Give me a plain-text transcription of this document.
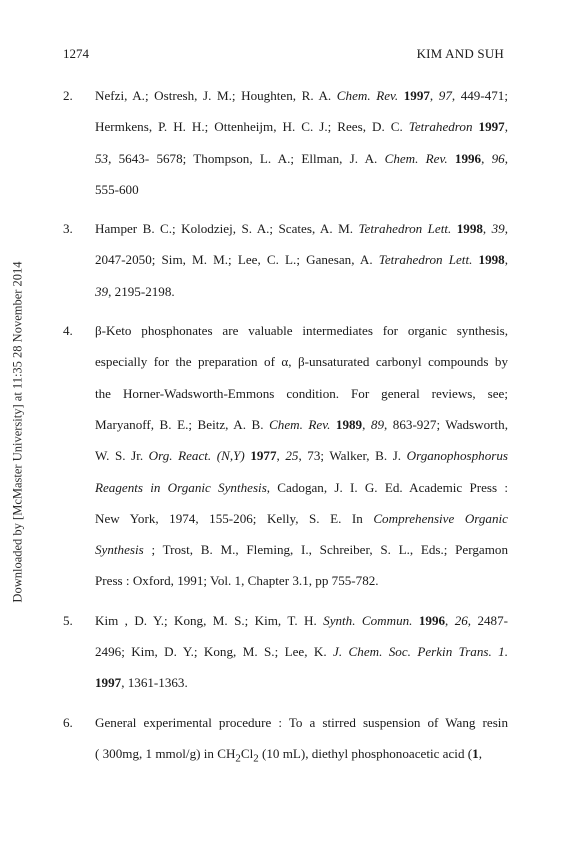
1274	KIM AND SUH
Downloaded by [McMaster University] at 11:35 28 November 2014
2. Nefzi, A.; Ostresh, J. M.; Houghten, R. A. Chem. Rev. 1997, 97, 449-471;
Hermkens, P. H. H.; Ottenheijm, H. C. J.; Rees, D. C. Tetrahedron 1997,
53, 5643- 5678; Thompson, L. A.; Ellman, J. A. Chem. Rev. 1996, 96,
555-600
3. Hamper B. C.; Kolodziej, S. A.; Scates, A. M. Tetrahedron Lett. 1998, 39,
2047-2050; Sim, M. M.; Lee, C. L.; Ganesan, A. Tetrahedron Lett. 1998,
39, 2195-2198.
4. β-Keto phosphonates are valuable intermediates for organic synthesis,
especially for the preparation of α, β-unsaturated carbonyl compounds by
the Horner-Wadsworth-Emmons condition. For general reviews, see;
Maryanoff, B. E.; Beitz, A. B. Chem. Rev. 1989, 89, 863-927; Wadsworth,
W. S. Jr. Org. React. (N,Y) 1977, 25, 73; Walker, B. J. Organophosphorus
Reagents in Organic Synthesis, Cadogan, J. I. G. Ed. Academic Press :
New York, 1974, 155-206; Kelly, S. E. In Comprehensive Organic
Synthesis ; Trost, B. M., Fleming, I., Schreiber, S. L., Eds.; Pergamon
Press : Oxford, 1991; Vol. 1, Chapter 3.1, pp 755-782.
5. Kim , D. Y.; Kong, M. S.; Kim, T. H. Synth. Commun. 1996, 26, 2487-
2496; Kim, D. Y.; Kong, M. S.; Lee, K. J. Chem. Soc. Perkin Trans. 1.
1997, 1361-1363.
6. General experimental procedure : To a stirred suspension of Wang resin
( 300mg, 1 mmol/g) in $CH_2Cl_2$ (10 mL), diethyl phosphonoacetic acid (1,
